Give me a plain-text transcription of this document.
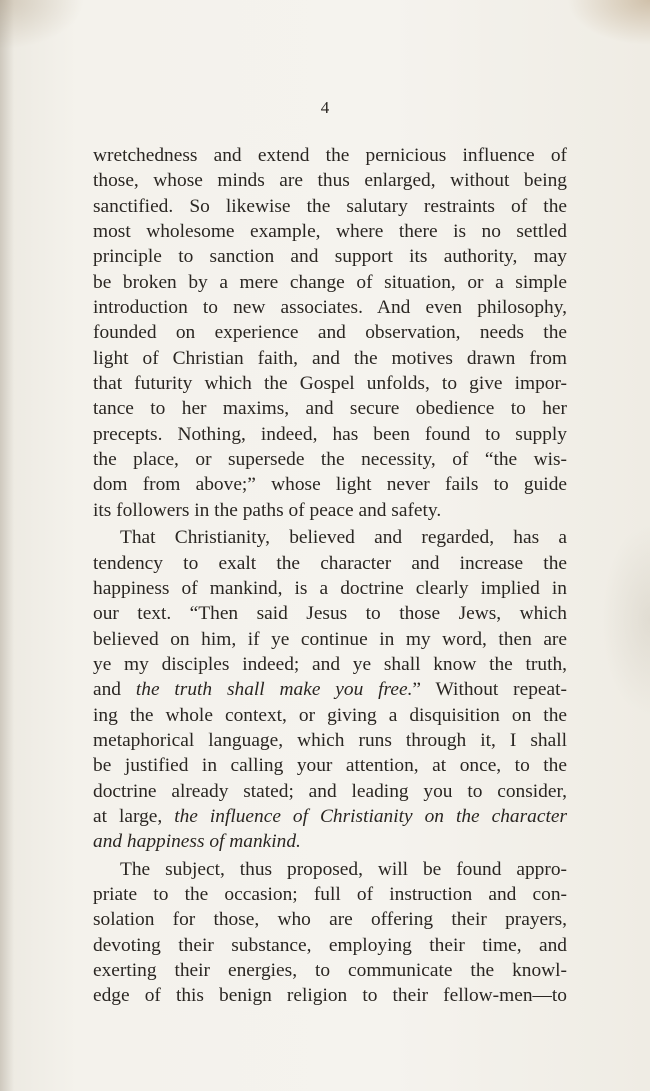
4
wretchedness and extend the pernicious influence of
those, whose minds are thus enlarged, without being
sanctified. So likewise the salutary restraints of the
most wholesome example, where there is no settled
principle to sanction and support its authority, may
be broken by a mere change of situation, or a simple
introduction to new associates. And even philosophy,
founded on experience and observation, needs the
light of Christian faith, and the motives drawn from
that futurity which the Gospel unfolds, to give impor-
tance to her maxims, and secure obedience to her
precepts. Nothing, indeed, has been found to supply
the place, or supersede the necessity, of “the wis-
dom from above;” whose light never fails to guide
its followers in the paths of peace and safety.
That Christianity, believed and regarded, has a
tendency to exalt the character and increase the
happiness of mankind, is a doctrine clearly implied in
our text. “Then said Jesus to those Jews, which
believed on him, if ye continue in my word, then are
ye my disciples indeed; and ye shall know the truth,
and the truth shall make you free.” Without repeat-
ing the whole context, or giving a disquisition on the
metaphorical language, which runs through it, I shall
be justified in calling your attention, at once, to the
doctrine already stated; and leading you to consider,
at large, the influence of Christianity on the character
and happiness of mankind.
The subject, thus proposed, will be found appro-
priate to the occasion; full of instruction and con-
solation for those, who are offering their prayers,
devoting their substance, employing their time, and
exerting their energies, to communicate the knowl-
edge of this benign religion to their fellow-men—to
